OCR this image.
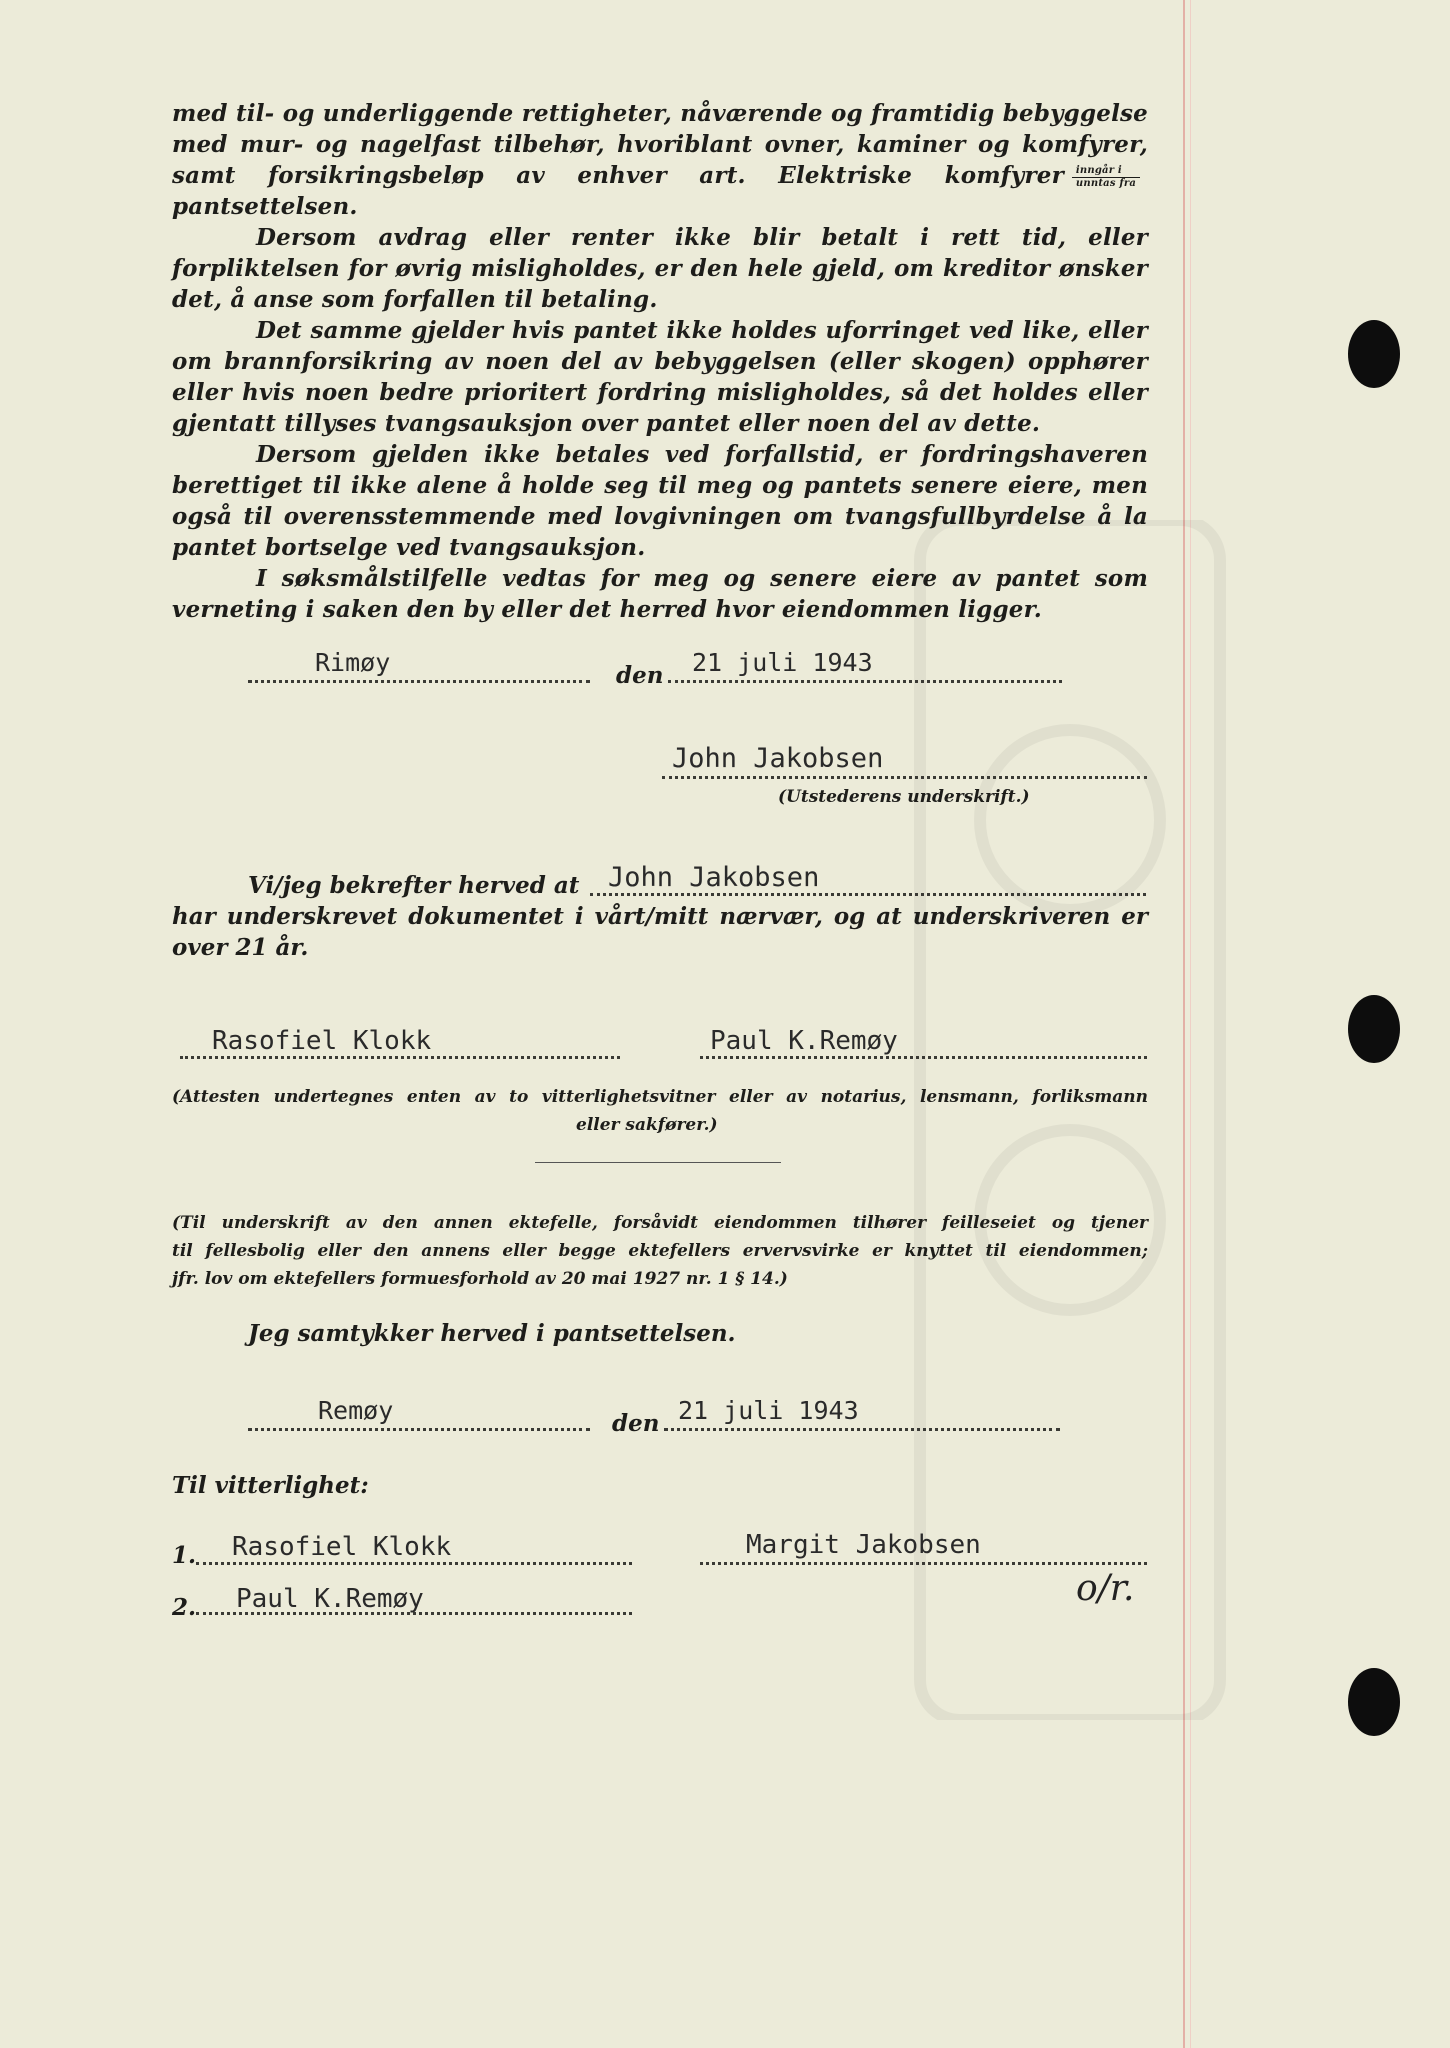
med til- og underliggende rettigheter, nåværende og framtidig bebyggelse med mur- og nagelfast tilbehør, hvoriblant ovner, kaminer og komfyrer, samt forsikringsbeløp av enhver art. Elektriske komfyrer $\frac{\text{inngår i}}{\text{unntas fra}}$
pantsettelsen.

Dersom avdrag eller renter ikke blir betalt i rett tid, eller forpliktelsen for øvrig misligholdes, er den hele gjeld, om kreditor ønsker det, å anse som forfallen til betaling.

Det samme gjelder hvis pantet ikke holdes uforringet ved like, eller om brannforsikring av noen del av bebyggelsen (eller skogen) opphører eller hvis noen bedre prioritert fordring misligholdes, så det holdes eller gjentatt tillyses tvangsauksjon over pantet eller noen del av dette.

Dersom gjelden ikke betales ved forfallstid, er fordringshaveren berettiget til ikke alene å holde seg til meg og pantets senere eiere, men også til overensstemmende med lovgivningen om tvangsfullbyrdelse å la pantet bortselge ved tvangsauksjon.

I søksmålstilfelle vedtas for meg og senere eiere av pantet som verneting i saken den by eller det herred hvor eiendommen ligger.

Rimøy	den 21 juli 1943
John Jakobsen
(Utstederens underskrift.)
Vi/jeg bekrefter herved at John Jakobsen
har underskrevet dokumentet i vårt/mitt nærvær, og at underskriveren er
over 21 år.
Rasofiel Klokk	Paul K.Remøy
(Attesten undertegnes enten av to vitterlighetsvitner eller av notarius, lensmann, forliksmann
eller sakfører.)
(Til underskrift av den annen ektefelle, forsåvidt eiendommen tilhører feilleseiet og tjener
til fellesbolig eller den annens eller begge ektefellers ervervsvirke er knyttet til eiendommen;
jfr. lov om ektefellers formuesforhold av 20 mai 1927 nr. 1 § 14.)
Jeg samtykker herved i pantsettelsen.
Remøy	den 21 juli 1943
Til vitterlighet:
1. Rasofiel Klokk
2. Paul K.Remøy
Margit Jakobsen
o/r.
